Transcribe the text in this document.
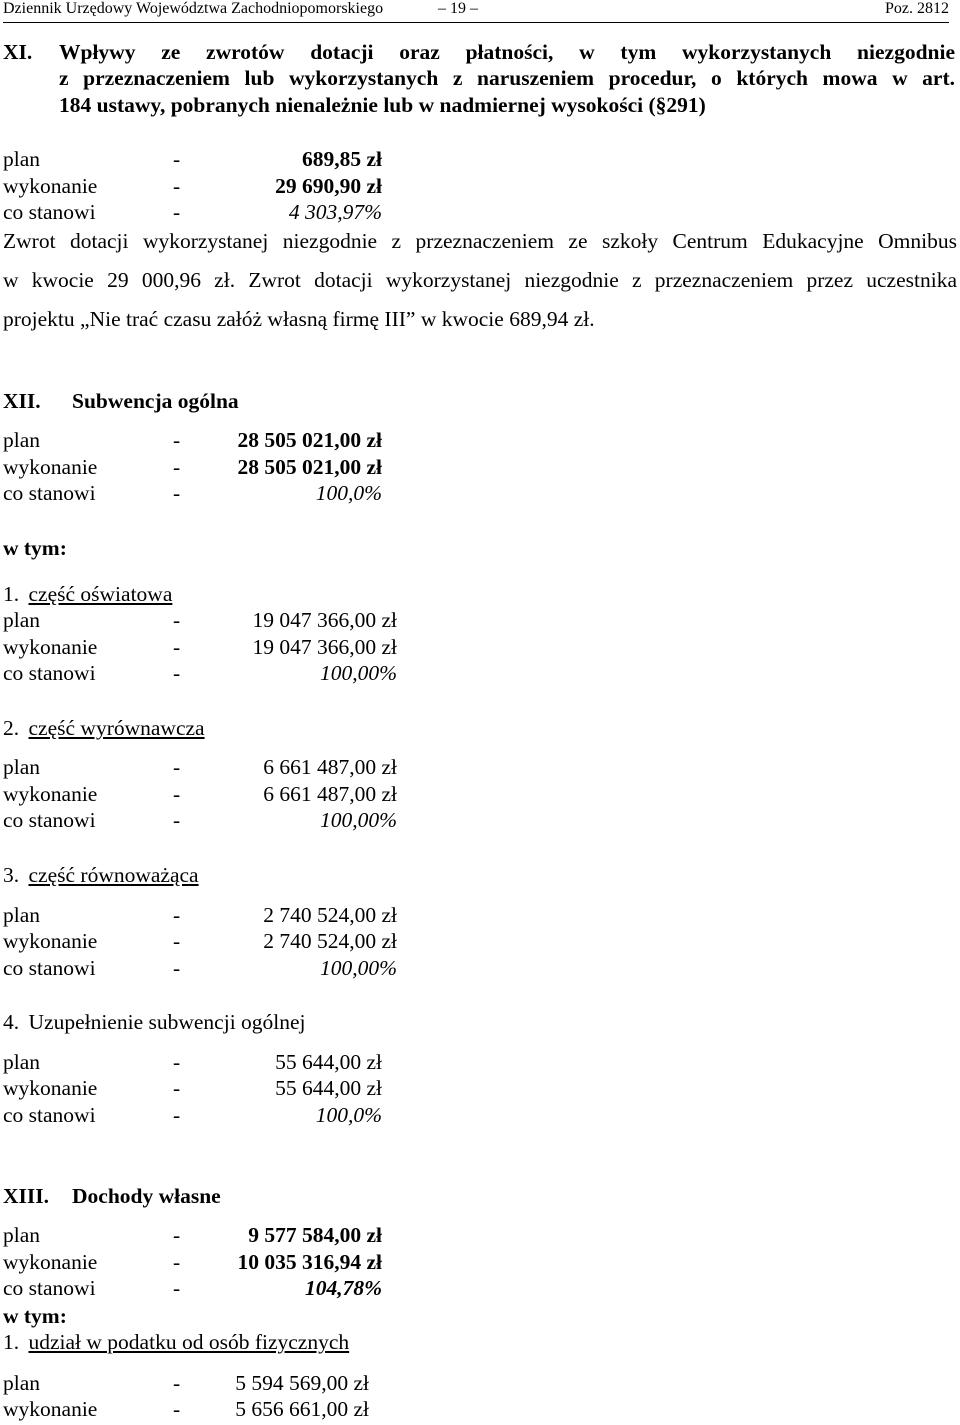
Dziennik Urzędowy Województwa Zachodniopomorskiego	– 19 –	Poz. 2812
XI. Wpływy ze zwrotów dotacji oraz płatności, w tym wykorzystanych niezgodnie
z przeznaczeniem lub wykorzystanych z naruszeniem procedur, o których mowa w art.
184 ustawy, pobranych nienależnie lub w nadmiernej wysokości (§291)
plan	-	689,85 zł
wykonanie	-	29 690,90 zł
co stanowi	-	4 303,97%
Zwrot dotacji wykorzystanej niezgodnie z przeznaczeniem ze szkoły Centrum Edukacyjne Omnibus
w kwocie 29 000,96 zł. Zwrot dotacji wykorzystanej niezgodnie z przeznaczeniem przez uczestnika
projektu „Nie trać czasu załóż własną firmę III” w kwocie 689,94 zł.
XII. Subwencja ogólna
plan	-	28 505 021,00 zł
wykonanie	-	28 505 021,00 zł
co stanowi	-	100,0%
w tym:
1. część oświatowa
plan	-	19 047 366,00 zł
wykonanie	-	19 047 366,00 zł
co stanowi	-	100,00%
2. część wyrównawcza
plan	-	6 661 487,00 zł
wykonanie	-	6 661 487,00 zł
co stanowi	-	100,00%
3. część równoważąca
plan	-	2 740 524,00 zł
wykonanie	-	2 740 524,00 zł
co stanowi	-	100,00%
4. Uzupełnienie subwencji ogólnej
plan	-	55 644,00 zł
wykonanie	-	55 644,00 zł
co stanowi	-	100,0%
XIII. Dochody własne
plan	-	9 577 584,00 zł
wykonanie	-	10 035 316,94 zł
co stanowi	-	104,78%
w tym:
1. udział w podatku od osób fizycznych
plan	-	5 594 569,00 zł
wykonanie	-	5 656 661,00 zł
